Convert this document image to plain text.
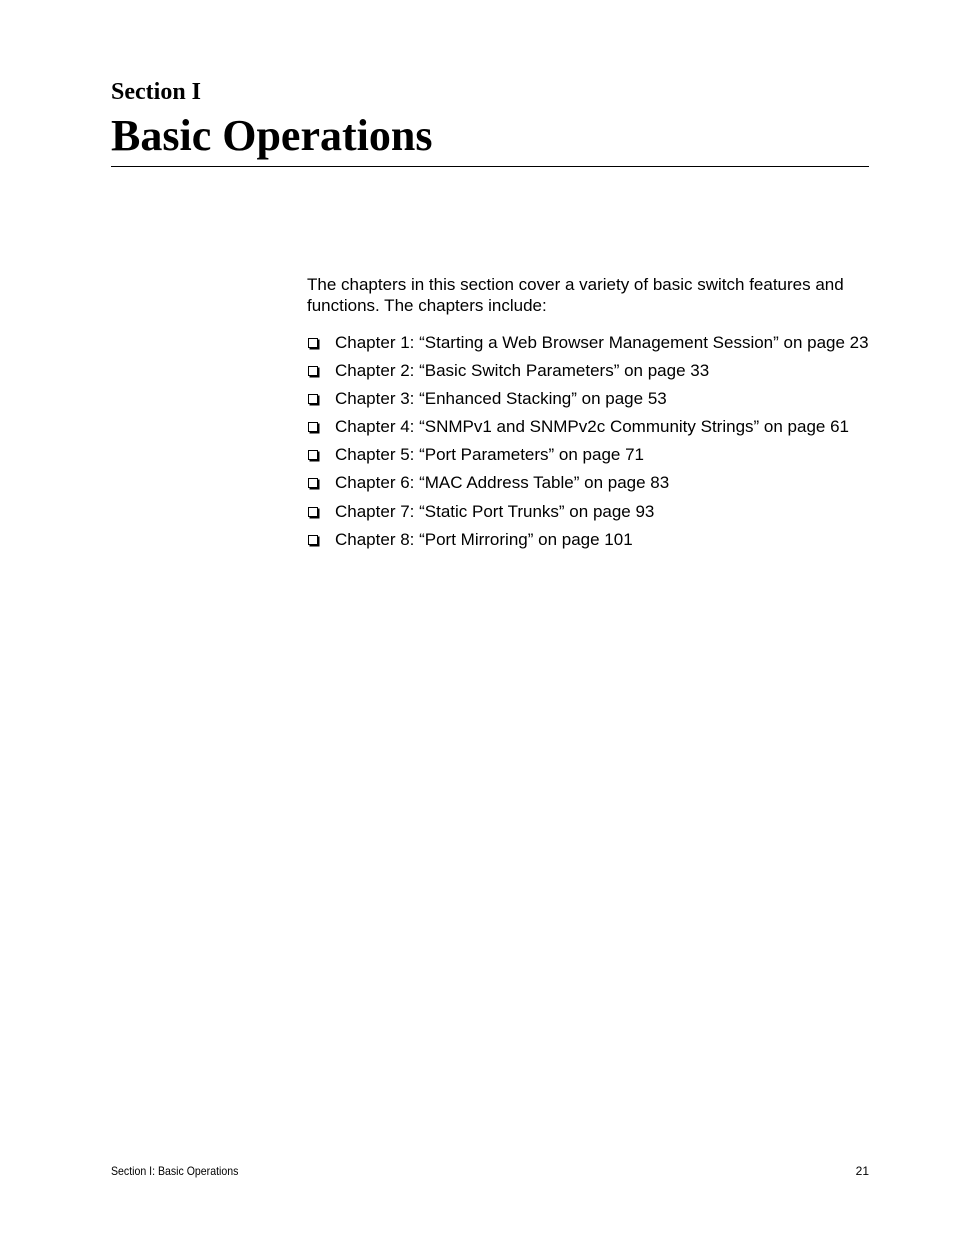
Section I
Basic Operations

The chapters in this section cover a variety of basic switch features and functions. The chapters include:

Chapter 1: “Starting a Web Browser Management Session” on page 23
Chapter 2: “Basic Switch Parameters” on page 33
Chapter 3: “Enhanced Stacking” on page 53
Chapter 4: “SNMPv1 and SNMPv2c Community Strings” on page 61
Chapter 5: “Port Parameters” on page 71
Chapter 6: “MAC Address Table” on page 83
Chapter 7: “Static Port Trunks” on page 93
Chapter 8: “Port Mirroring” on page 101
Section I: Basic Operations	21
